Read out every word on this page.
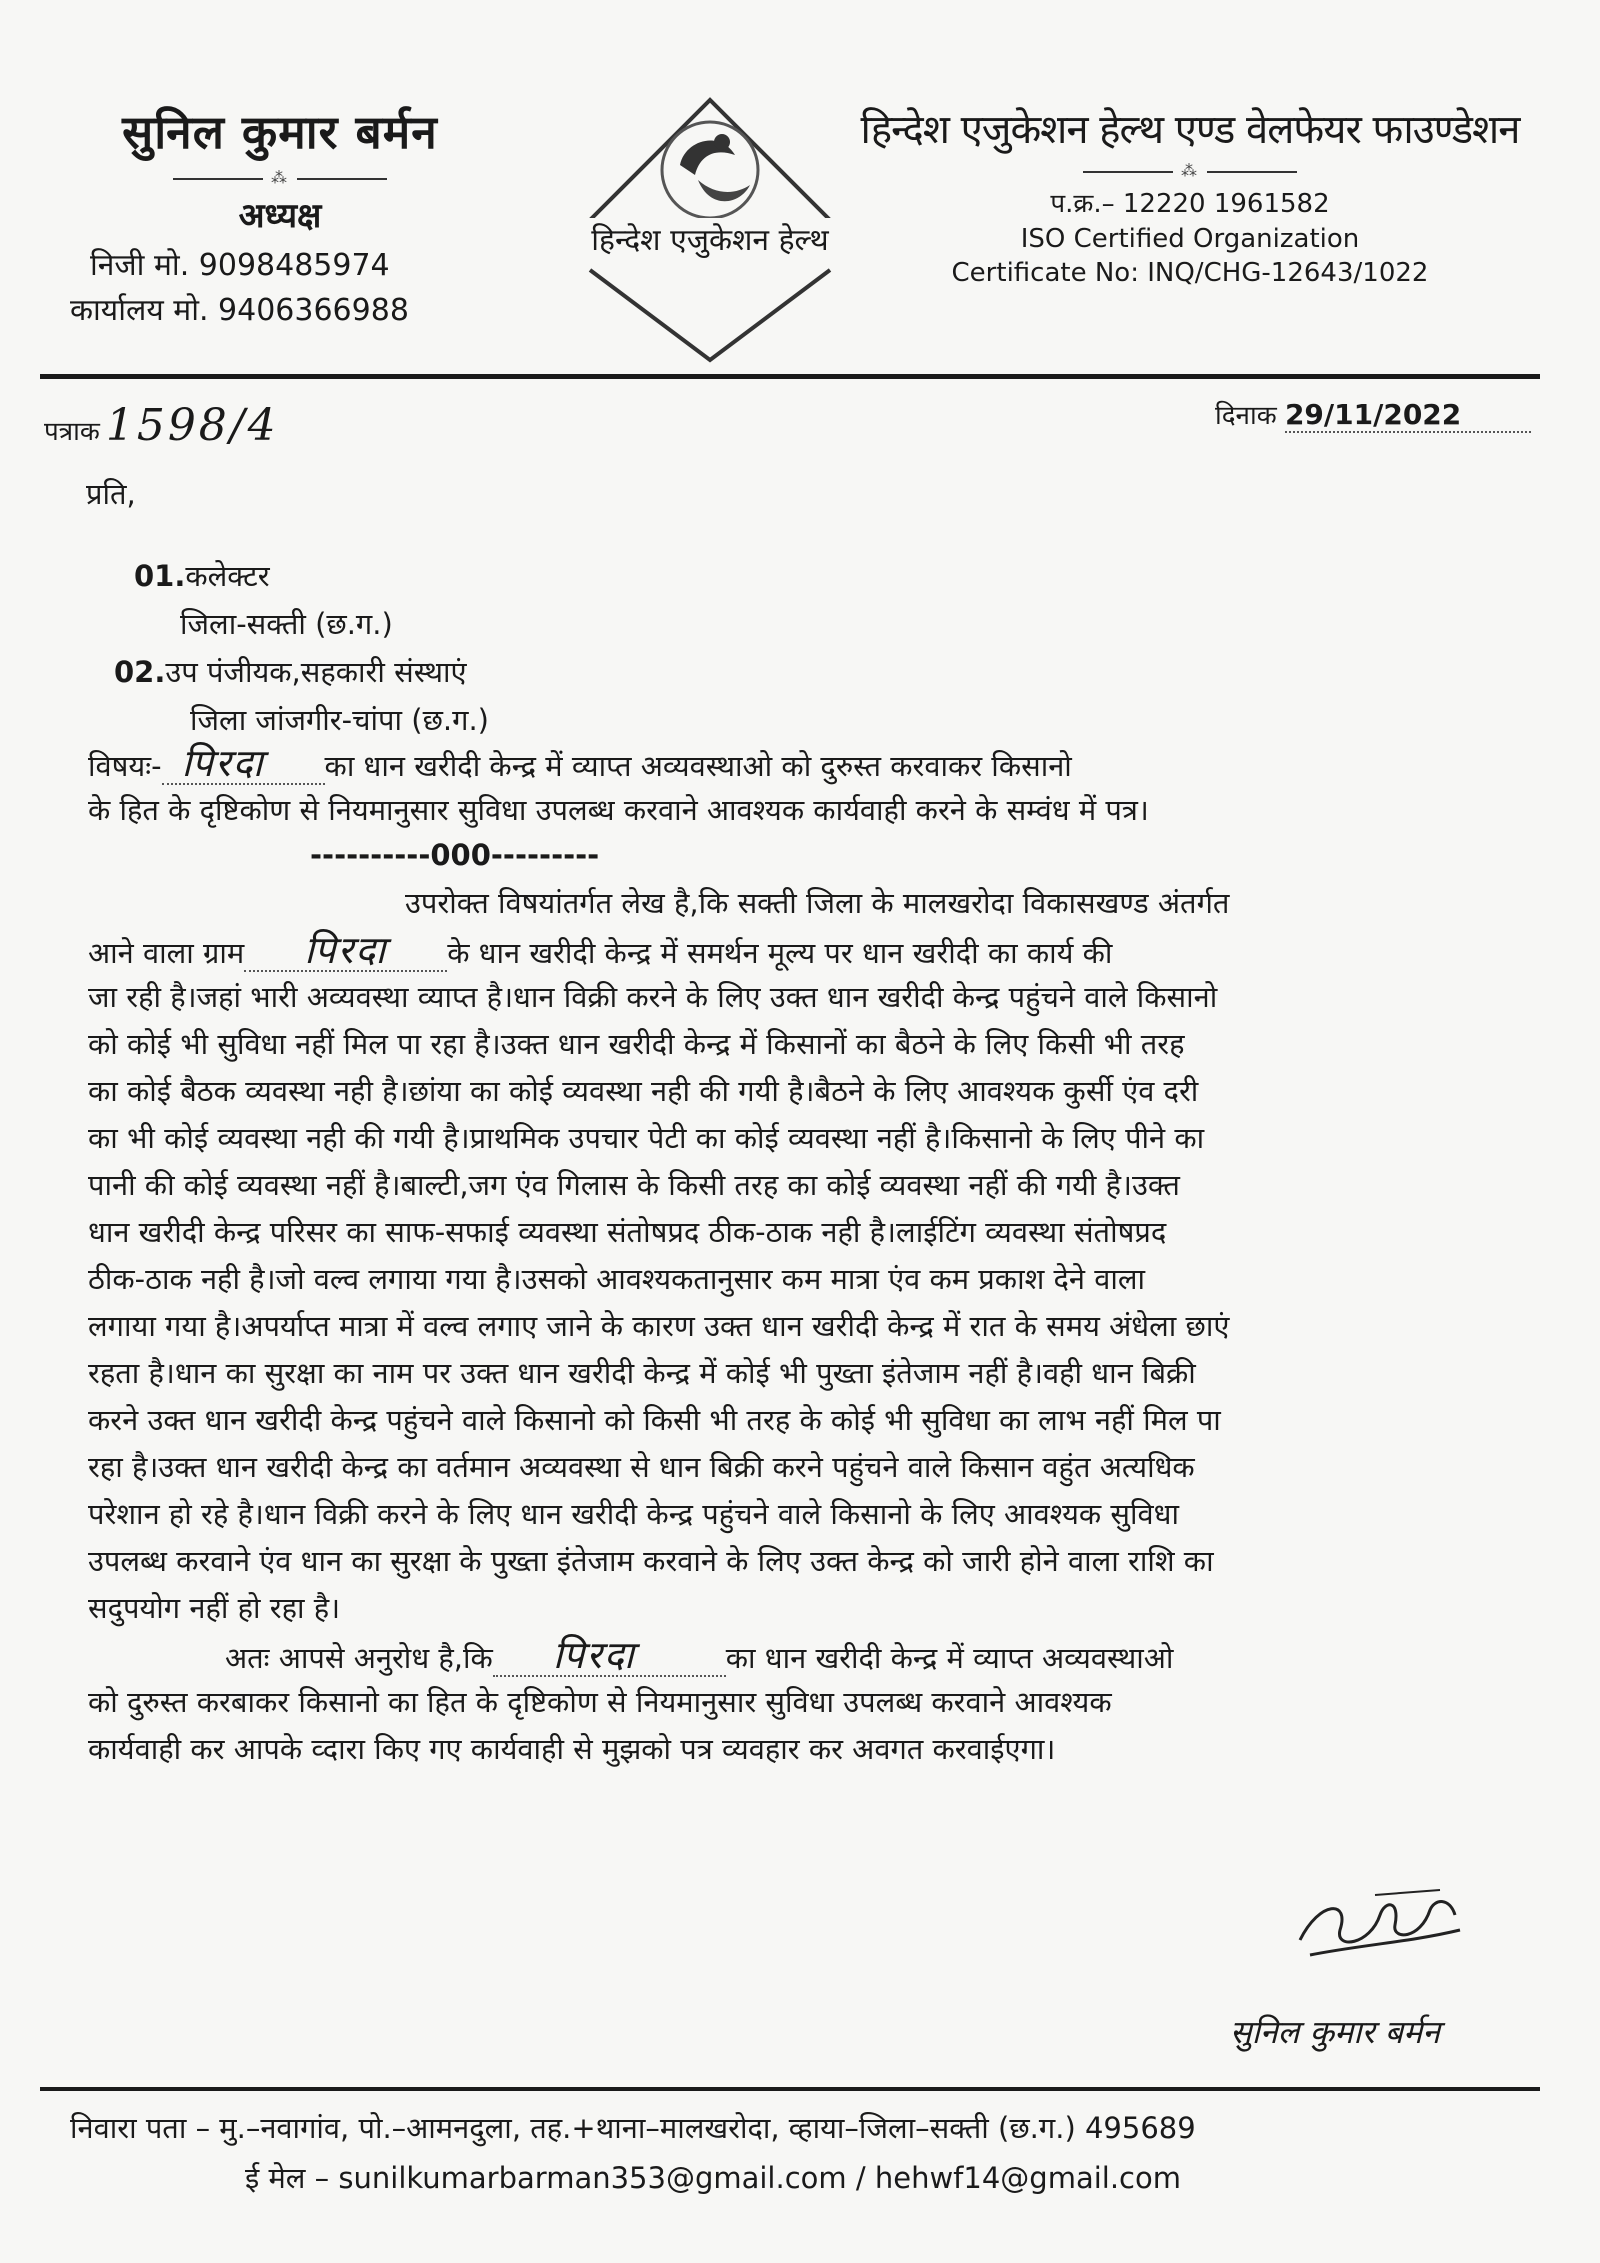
सुनिल कुमार बर्मन
⁂
अध्यक्ष
निजी मो. 9098485974
कार्यालय मो. 9406366988
हिन्देश एजुकेशन हेल्थ
हिन्देश एजुकेशन हेल्थ एण्ड वेलफेयर फाउण्डेशन
⁂
प.क्र.– 12220 1961582
ISO Certified Organization
Certificate No: INQ/CHG-12643/1022
पत्राक 1598/4	दिनाक 29/11/2022
प्रति,
01.कलेक्टर
जिला-सक्ती (छ.ग.)
02.उप पंजीयक,सहकारी संस्थाएं
जिला जांजगीर-चांपा (छ.ग.)
विषयः- पिरदा का धान खरीदी केन्द्र में व्याप्त अव्यवस्थाओ को दुरुस्त करवाकर किसानो
के हित के दृष्टिकोण से नियमानुसार सुविधा उपलब्ध करवाने आवश्यक कार्यवाही करने के सम्वंध में पत्र।
----------000---------
उपरोक्त विषयांतर्गत लेख है,कि सक्ती जिला के मालखरोदा विकासखण्ड अंतर्गत
आने वाला ग्राम पिरदा के धान खरीदी केन्द्र में समर्थन मूल्य पर धान खरीदी का कार्य की
जा रही है।जहां भारी अव्यवस्था व्याप्त है।धान विक्री करने के लिए उक्त धान खरीदी केन्द्र पहुंचने वाले किसानो
को कोई भी सुविधा नहीं मिल पा रहा है।उक्त धान खरीदी केन्द्र में किसानों का बैठने के लिए किसी भी तरह
का कोई बैठक व्यवस्था नही है।छांया का कोई व्यवस्था नही की गयी है।बैठने के लिए आवश्यक कुर्सी एंव दरी
का भी कोई व्यवस्था नही की गयी है।प्राथमिक उपचार पेटी का कोई व्यवस्था नहीं है।किसानो के लिए पीने का
पानी की कोई व्यवस्था नहीं है।बाल्टी,जग एंव गिलास के किसी तरह का कोई व्यवस्था नहीं की गयी है।उक्त
धान खरीदी केन्द्र परिसर का साफ-सफाई व्यवस्था संतोषप्रद ठीक-ठाक नही है।लाईटिंग व्यवस्था संतोषप्रद
ठीक-ठाक नही है।जो वल्व लगाया गया है।उसको आवश्यकतानुसार कम मात्रा एंव कम प्रकाश देने वाला
लगाया गया है।अपर्याप्त मात्रा में वल्व लगाए जाने के कारण उक्त धान खरीदी केन्द्र में रात के समय अंधेला छाएं
रहता है।धान का सुरक्षा का नाम पर उक्त धान खरीदी केन्द्र में कोई भी पुख्ता इंतेजाम नहीं है।वही धान बिक्री
करने उक्त धान खरीदी केन्द्र पहुंचने वाले किसानो को किसी भी तरह के कोई भी सुविधा का लाभ नहीं मिल पा
रहा है।उक्त धान खरीदी केन्द्र का वर्तमान अव्यवस्था से धान बिक्री करने पहुंचने वाले किसान वहुंत अत्यधिक
परेशान हो रहे है।धान विक्री करने के लिए धान खरीदी केन्द्र पहुंचने वाले किसानो के लिए आवश्यक सुविधा
उपलब्ध करवाने एंव धान का सुरक्षा के पुख्ता इंतेजाम करवाने के लिए उक्त केन्द्र को जारी होने वाला राशि का
सदुपयोग नहीं हो रहा है।
अतः आपसे अनुरोध है,कि पिरदा	का धान खरीदी केन्द्र में व्याप्त अव्यवस्थाओ
को दुरुस्त करबाकर किसानो का हित के दृष्टिकोण से नियमानुसार सुविधा उपलब्ध करवाने आवश्यक
कार्यवाही कर आपके व्दारा किए गए कार्यवाही से मुझको पत्र व्यवहार कर अवगत करवाईएगा।
सुनिल कुमार बर्मन
निवारा पता – मु.–नवागांव, पो.–आमनदुला, तह.+थाना–मालखरोदा, व्हाया–जिला–सक्ती (छ.ग.) 495689
ई मेल – sunilkumarbarman353@gmail.com / hehwf14@gmail.com
